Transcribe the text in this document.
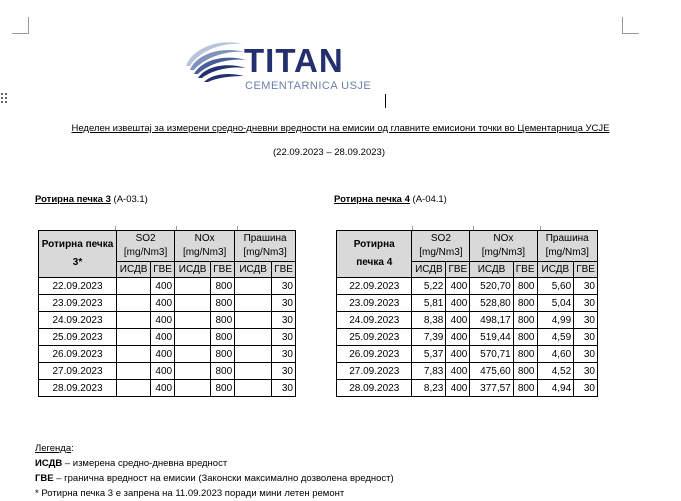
TITAN
CEMENTARNICA USJE
Неделен извештај за измерени средно-дневни вредности на емисии од главните емисиони точки во Цементарница УСЈЕ
(22.09.2023 – 28.09.2023)
Ротирна печка 3 (А-03.1)	Ротирна печка 4 (А-04.1)
Ротирна печка 3*	SO2
[mg/Nm3]		NOx
[mg/Nm3]		Прашина
[mg/Nm3]	
	ИСДВ	ГВЕ	ИСДВ	ГВЕ	ИСДВ	ГВЕ
22.09.2023		400		800		30
23.09.2023		400		800		30
24.09.2023		400		800		30
25.09.2023		400		800		30
26.09.2023		400		800		30
27.09.2023		400		800		30
28.09.2023		400		800		30
Ротирна печка 4	SO2
[mg/Nm3]		NOx
[mg/Nm3]		Прашина
[mg/Nm3]	
	ИСДВ	ГВЕ	ИСДВ	ГВЕ	ИСДВ	ГВЕ
22.09.2023	5,22	400	520,70	800	5,60	30
23.09.2023	5,81	400	528,80	800	5,04	30
24.09.2023	8,38	400	498,17	800	4,99	30
25.09.2023	7,39	400	519,44	800	4,59	30
26.09.2023	5,37	400	570,71	800	4,60	30
27.09.2023	7,83	400	475,60	800	4,52	30
28.09.2023	8,23	400	377,57	800	4,94	30
Легенда:
ИСДВ – измерена средно-дневна вредност
ГВЕ – гранична вредност на емисии (Законски максимално дозволена вредност)
* Ротирна печка 3 е запрена на 11.09.2023 поради мини летен ремонт
